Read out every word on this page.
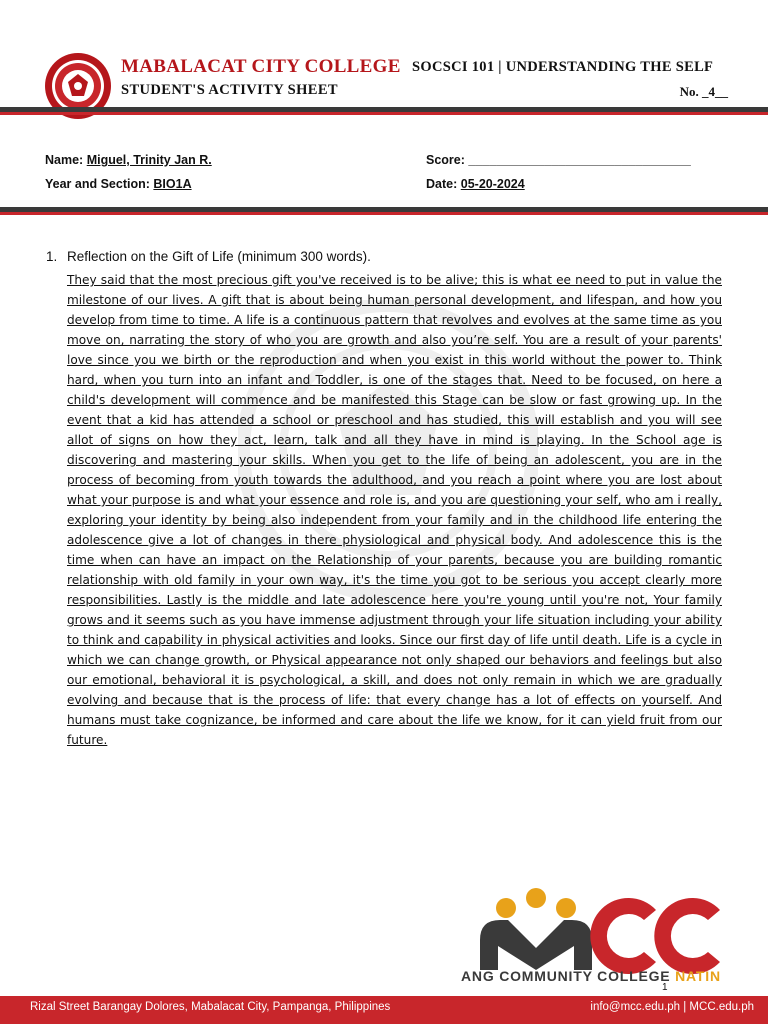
MABALACAT CITY COLLEGE SOCSCI 101 | UNDERSTANDING THE SELF
STUDENT'S ACTIVITY SHEET	No. _4__
Name: Miguel, Trinity Jan R.
Year and Section: BIO1A
Score: ________________________________
Date: 05-20-2024
1. Reflection on the Gift of Life (minimum 300 words).

They said that the most precious gift you've received is to be alive; this is what ee need to put in value the milestone of our lives. A gift that is about being human personal development, and lifespan, and how you develop from time to time. A life is a continuous pattern that revolves and evolves at the same time as you move on, narrating the story of who you are growth and also you’re self. You are a result of your parents' love since you we birth or the reproduction and when you exist in this world without the power to. Think hard, when you turn into an infant and Toddler, is one of the stages that. Need to be focused, on here a child's development will commence and be manifested this Stage can be slow or fast growing up. In the event that a kid has attended a school or preschool and has studied, this will establish and you will see allot of signs on how they act, learn, talk and all they have in mind is playing. In the School age is discovering and mastering your skills. When you get to the life of being an adolescent, you are in the process of becoming from youth towards the adulthood, and you reach a point where you are lost about what your purpose is and what your essence and role is, and you are questioning your self, who am i really, exploring your identity by being also independent from your family and in the childhood life entering the adolescence give a lot of changes in there physiological and physical body. And adolescence this is the time when can have an impact on the Relationship of your parents, because you are building romantic relationship with old family in your own way, it's the time you got to be serious you accept clearly more responsibilities. Lastly is the middle and late adolescence here you're young until you're not, Your family grows and it seems such as you have immense adjustment through your life situation including your ability to think and capability in physical activities and looks. Since our first day of life until death. Life is a cycle in which we can change growth, or Physical appearance not only shaped our behaviors and feelings but also our emotional, behavioral it is psychological, a skill, and does not only remain in which we are gradually evolving and because that is the process of life: that every change has a lot of effects on yourself. And humans must take cognizance, be informed and care about the life we know, for it can yield fruit from our future.

ANG COMMUNITY COLLEGE NATIN
1
Rizal Street Barangay Dolores, Mabalacat City, Pampanga, Philippines	info@mcc.edu.ph | MCC.edu.ph
